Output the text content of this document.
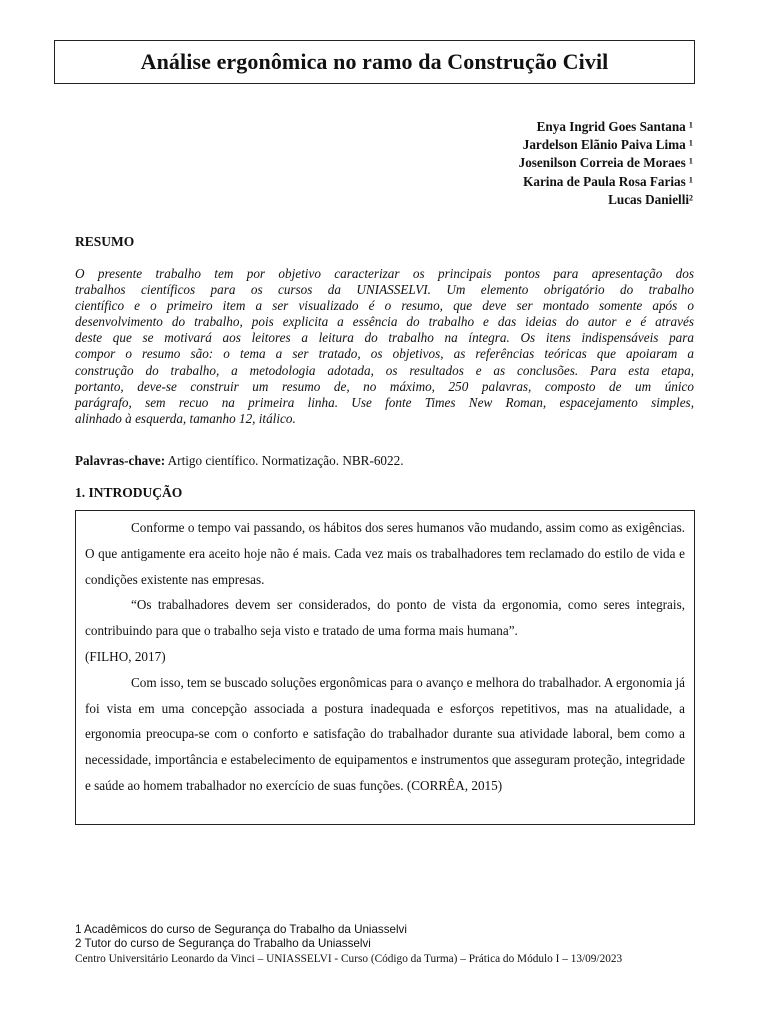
Análise ergonômica no ramo da Construção Civil
Enya Ingrid Goes Santana ¹
Jardelson Elãnio Paiva Lima ¹
Josenilson Correia de Moraes ¹
Karina de Paula Rosa Farias ¹
Lucas Danielli²
RESUMO
O presente trabalho tem por objetivo caracterizar os principais pontos para apresentação dos
trabalhos científicos para os cursos da UNIASSELVI. Um elemento obrigatório do trabalho
científico e o primeiro item a ser visualizado é o resumo, que deve ser montado somente após o
desenvolvimento do trabalho, pois explicita a essência do trabalho e das ideias do autor e é através
deste que se motivará aos leitores a leitura do trabalho na íntegra. Os itens indispensáveis para
compor o resumo são: o tema a ser tratado, os objetivos, as referências teóricas que apoiaram a
construção do trabalho, a metodologia adotada, os resultados e as conclusões. Para esta etapa,
portanto, deve-se construir um resumo de, no máximo, 250 palavras, composto de um único
parágrafo, sem recuo na primeira linha. Use fonte Times New Roman, espacejamento simples,
alinhado à esquerda, tamanho 12, itálico.
Palavras-chave: Artigo científico. Normatização. NBR-6022.
1. INTRODUÇÃO

Conforme o tempo vai passando, os hábitos dos seres humanos vão mudando, assim como as exigências. O que antigamente era aceito hoje não é mais. Cada vez mais os trabalhadores tem reclamado do estilo de vida e condições existente nas empresas.

“Os trabalhadores devem ser considerados, do ponto de vista da ergonomia, como seres integrais, contribuindo para que o trabalho seja visto e tratado de uma forma mais humana”.
(FILHO, 2017)

Com isso, tem se buscado soluções ergonômicas para o avanço e melhora do trabalhador. A ergonomia já foi vista em uma concepção associada a postura inadequada e esforços repetitivos, mas na atualidade, a ergonomia preocupa-se com o conforto e satisfação do trabalhador durante sua atividade laboral, bem como a necessidade, importância e estabelecimento de equipamentos e instrumentos que asseguram proteção, integridade e saúde ao homem trabalhador no exercício de suas funções. (CORRÊA, 2015)

1 Acadêmicos do curso de Segurança do Trabalho da Uniasselvi
2 Tutor do curso de Segurança do Trabalho da Uniasselvi
Centro Universitário Leonardo da Vinci – UNIASSELVI - Curso (Código da Turma) – Prática do Módulo I – 13/09/2023
